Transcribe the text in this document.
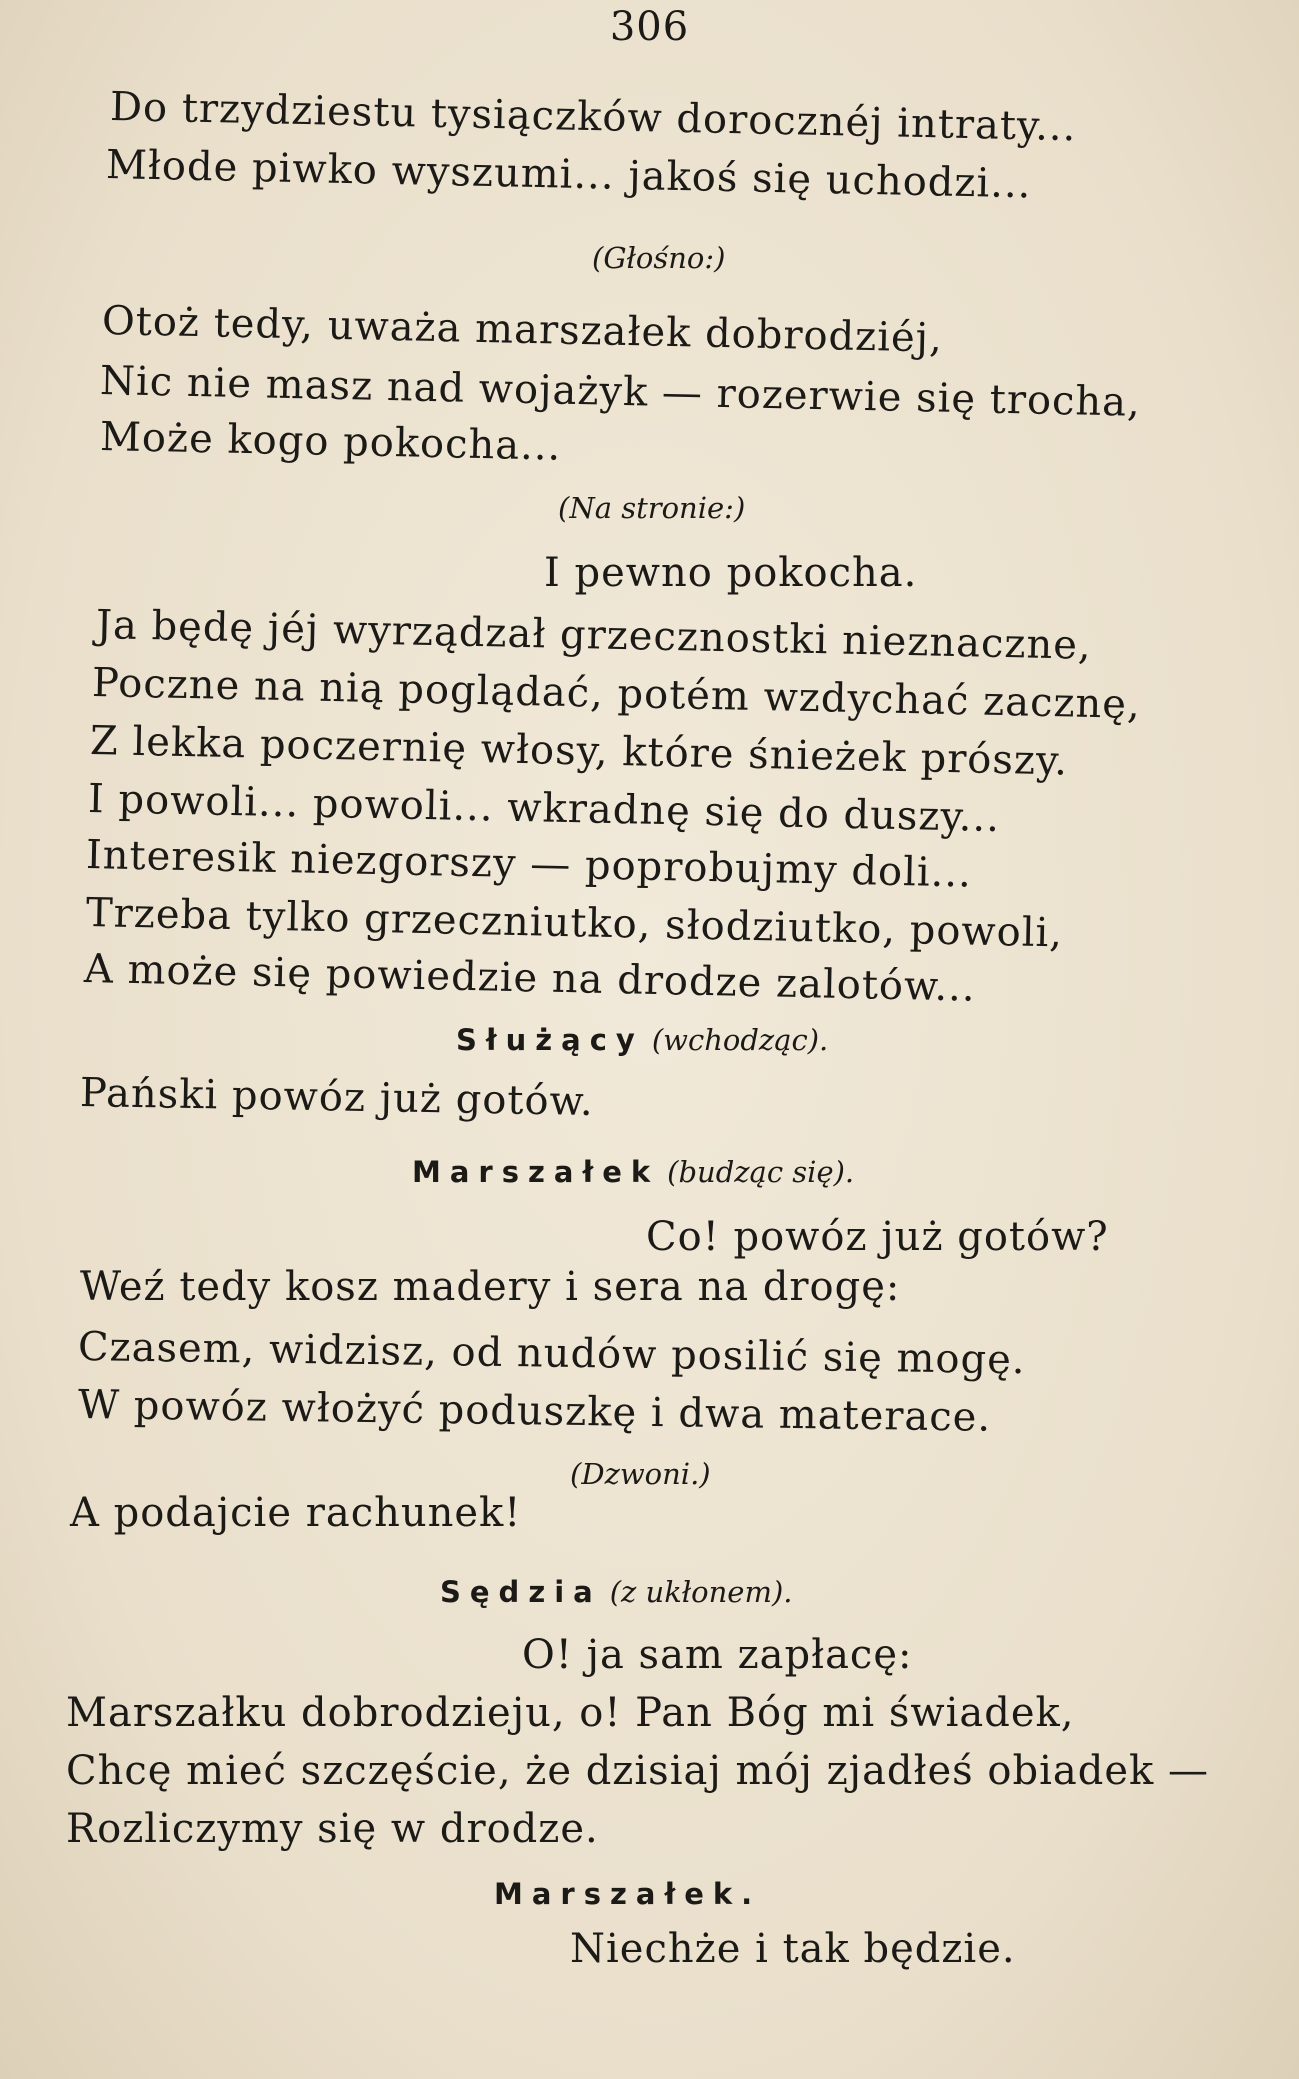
306
Do trzydziestu tysiączków dorocznéj intraty...
Młode piwko wyszumi... jakoś się uchodzi...
(Głośno:)
Otoż tedy, uważa marszałek dobrodziéj,
Nic nie masz nad wojażyk — rozerwie się trocha,
Może kogo pokocha...
(Na stronie:)
I pewno pokocha.
Ja będę jéj wyrządzał grzecznostki nieznaczne,
Poczne na nią poglądać, potém wzdychać zacznę,
Z lekka poczernię włosy, które śnieżek prószy.
I powoli... powoli... wkradnę się do duszy...
Interesik niezgorszy — poprobujmy doli...
Trzeba tylko grzeczniutko, słodziutko, powoli,
A może się powiedzie na drodze zalotów...
Służący (wchodząc).
Pański powóz już gotów.
Marszałek (budząc się).
Co! powóz już gotów?
Weź tedy kosz madery i sera na drogę:
Czasem, widzisz, od nudów posilić się mogę.
W powóz włożyć poduszkę i dwa materace.
(Dzwoni.)
A podajcie rachunek!
Sędzia (z ukłonem).
O! ja sam zapłacę:
Marszałku dobrodzieju, o! Pan Bóg mi świadek,
Chcę mieć szczęście, że dzisiaj mój zjadłeś obiadek —
Rozliczymy się w drodze.
Marszałek.
Niechże i tak będzie.
